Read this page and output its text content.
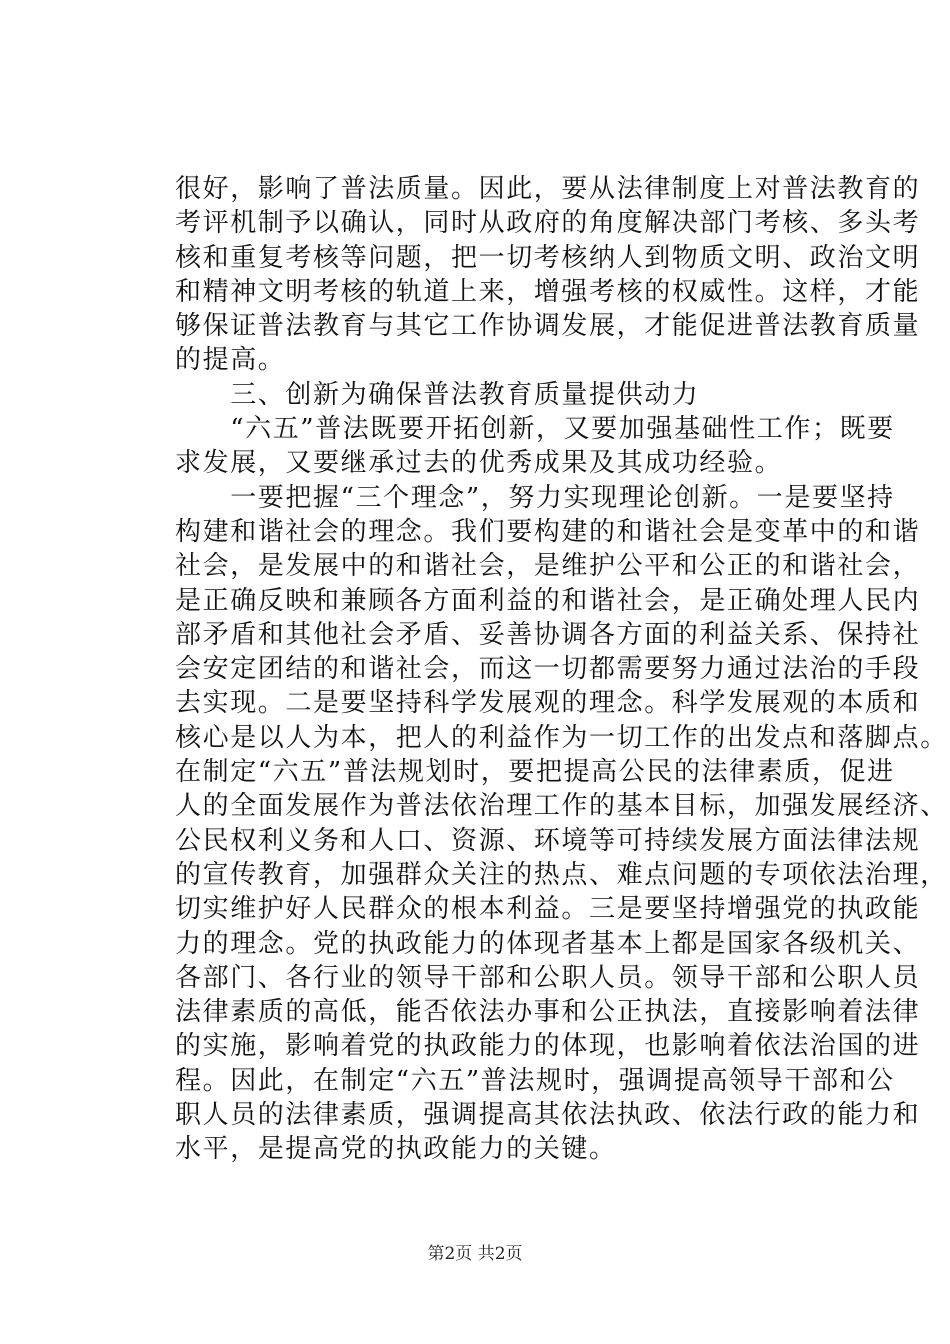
很好，影响了普法质量。因此，要从法律制度上对普法教育的
考评机制予以确认，同时从政府的角度解决部门考核、多头考
核和重复考核等问题，把一切考核纳人到物质文明、政治文明
和精神文明考核的轨道上来，增强考核的权威性。这样，才能
够保证普法教育与其它工作协调发展，才能促进普法教育质量
的提高。
　　三、创新为确保普法教育质量提供动力
　　“六五”普法既要开拓创新，又要加强基础性工作；既要
求发展，又要继承过去的优秀成果及其成功经验。
　　一要把握“三个理念”，努力实现理论创新。一是要坚持
构建和谐社会的理念。我们要构建的和谐社会是变革中的和谐
社会，是发展中的和谐社会，是维护公平和公正的和谐社会，
是正确反映和兼顾各方面利益的和谐社会，是正确处理人民内
部矛盾和其他社会矛盾、妥善协调各方面的利益关系、保持社
会安定团结的和谐社会，而这一切都需要努力通过法治的手段
去实现。二是要坚持科学发展观的理念。科学发展观的本质和
核心是以人为本，把人的利益作为一切工作的出发点和落脚点。
在制定“六五”普法规划时，要把提高公民的法律素质，促进
人的全面发展作为普法依治理工作的基本目标，加强发展经济、
公民权利义务和人口、资源、环境等可持续发展方面法律法规
的宣传教育，加强群众关注的热点、难点问题的专项依法治理，
切实维护好人民群众的根本利益。三是要坚持增强党的执政能
力的理念。党的执政能力的体现者基本上都是国家各级机关、
各部门、各行业的领导干部和公职人员。领导干部和公职人员
法律素质的高低，能否依法办事和公正执法，直接影响着法律
的实施，影响着党的执政能力的体现，也影响着依法治国的进
程。因此，在制定“六五”普法规时，强调提高领导干部和公
职人员的法律素质，强调提高其依法执政、依法行政的能力和
水平，是提高党的执政能力的关键。
第2页 共2页
